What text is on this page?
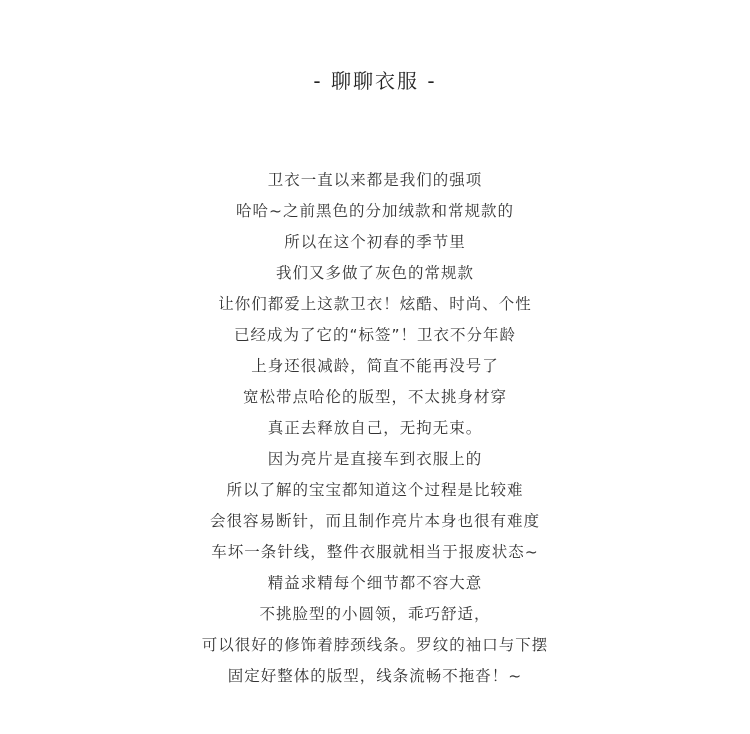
- 聊聊衣服 -
卫衣一直以来都是我们的强项
哈哈~之前黑色的分加绒款和常规款的
所以在这个初春的季节里
我们又多做了灰色的常规款
让你们都爱上这款卫衣！炫酷、时尚、个性
已经成为了它的“标签”！卫衣不分年龄
上身还很减龄，简直不能再没号了
宽松带点哈伦的版型，不太挑身材穿
真正去释放自己，无拘无束。
因为亮片是直接车到衣服上的
所以了解的宝宝都知道这个过程是比较难
会很容易断针，而且制作亮片本身也很有难度
车坏一条针线，整件衣服就相当于报废状态~
精益求精每个细节都不容大意
不挑脸型的小圆领，乖巧舒适，
可以很好的修饰着脖颈线条。罗纹的袖口与下摆
固定好整体的版型，线条流畅不拖沓！~
